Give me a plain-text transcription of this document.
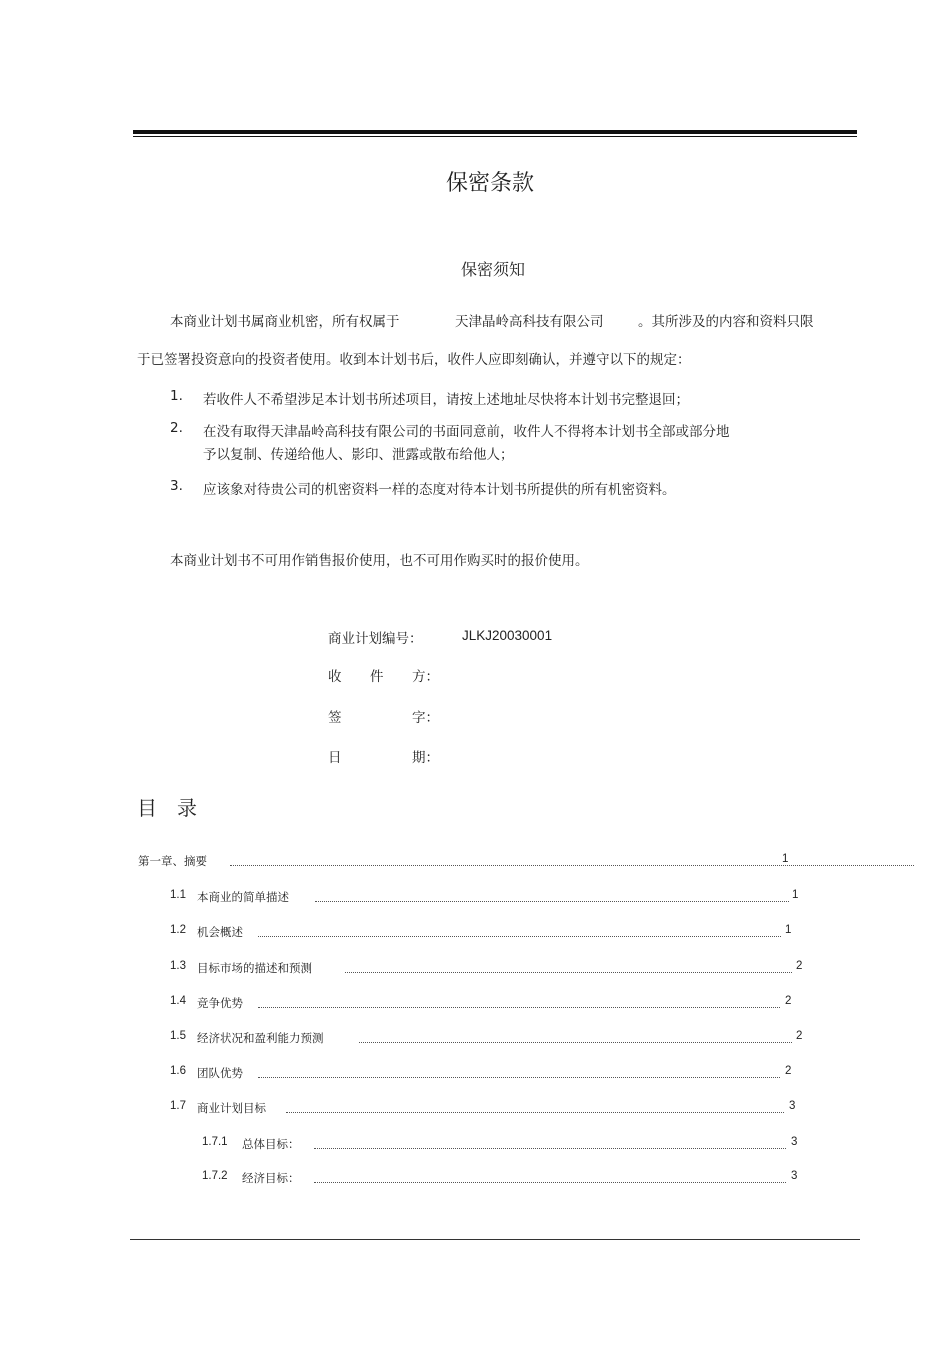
保密条款
保密须知
本商业计划书属商业机密，所有权属于	天津晶岭高科技有限公司	。其所涉及的内容和资料只限
于已签署投资意向的投资者使用。收到本计划书后，收件人应即刻确认，并遵守以下的规定：
1. 若收件人不希望涉足本计划书所述项目，请按上述地址尽快将本计划书完整退回；
2. 在没有取得天津晶岭高科技有限公司的书面同意前，收件人不得将本计划书全部或部分地
予以复制、传递给他人、影印、泄露或散布给他人；
3. 应该象对待贵公司的机密资料一样的态度对待本计划书所提供的所有机密资料。
本商业计划书不可用作销售报价使用，也不可用作购买时的报价使用。
商业计划编号：	JLKJ20030001
收 件 方：
签	字：
日	期：
目录
第一章、摘要	1
1.1 本商业的简单描述	1
1.2 机会概述	1
1.3 目标市场的描述和预测	2
1.4 竞争优势	2
1.5 经济状况和盈利能力预测	2
1.6 团队优势	2
1.7 商业计划目标	3
1.7.1 总体目标：	3
1.7.2 经济目标：	3
